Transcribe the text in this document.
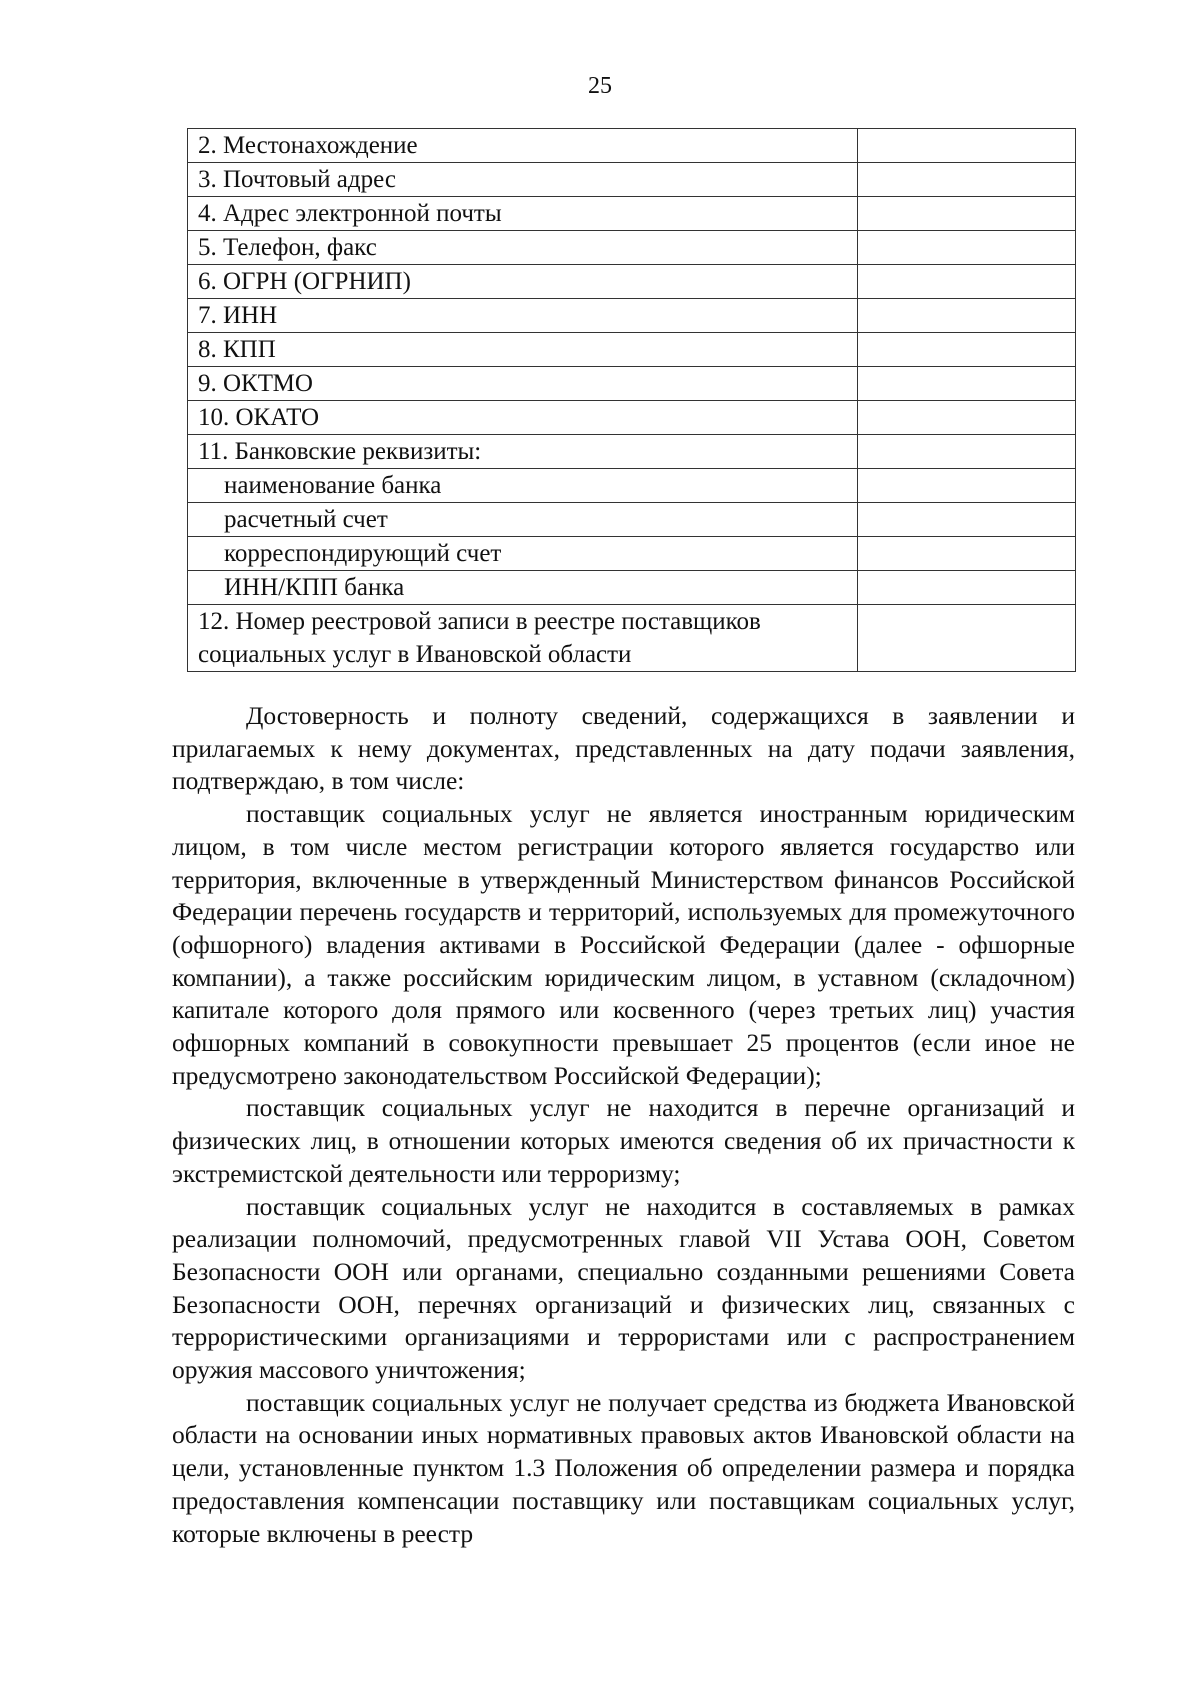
25
2. Местонахождение	
3. Почтовый адрес	
4. Адрес электронной почты	
5. Телефон, факс	
6. ОГРН (ОГРНИП)	
7. ИНН	
8. КПП	
9. ОКТМО	
10. ОКАТО	
11. Банковские реквизиты:	
наименование банка	
расчетный счет	
корреспондирующий счет	
ИНН/КПП банка	
12. Номер реестровой записи в реестре поставщиков
социальных услуг в Ивановской области	

Достоверность и полноту сведений, содержащихся в заявлении и прилагаемых к нему документах, представленных на дату подачи заявления, подтверждаю, в том числе:

поставщик социальных услуг не является иностранным юридическим лицом, в том числе местом регистрации которого является государство или территория, включенные в утвержденный Министерством финансов Российской Федерации перечень государств и территорий, используемых для промежуточного (офшорного) владения активами в Российской Федерации (далее - офшорные компании), а также российским юридическим лицом, в уставном (складочном) капитале которого доля прямого или косвенного (через третьих лиц) участия офшорных компаний в совокупности превышает 25 процентов (если иное не предусмотрено законодательством Российской Федерации);

поставщик социальных услуг не находится в перечне организаций и физических лиц, в отношении которых имеются сведения об их причастности к экстремистской деятельности или терроризму;

поставщик социальных услуг не находится в составляемых в рамках реализации полномочий, предусмотренных главой VII Устава ООН, Советом Безопасности ООН или органами, специально созданными решениями Совета Безопасности ООН, перечнях организаций и физических лиц, связанных с террористическими организациями и террористами или с распространением оружия массового уничтожения;

поставщик социальных услуг не получает средства из бюджета Ивановской области на основании иных нормативных правовых актов Ивановской области на цели, установленные пунктом 1.3 Положения об определении размера и порядка предоставления компенсации поставщику или поставщикам социальных услуг, которые включены в реестр
